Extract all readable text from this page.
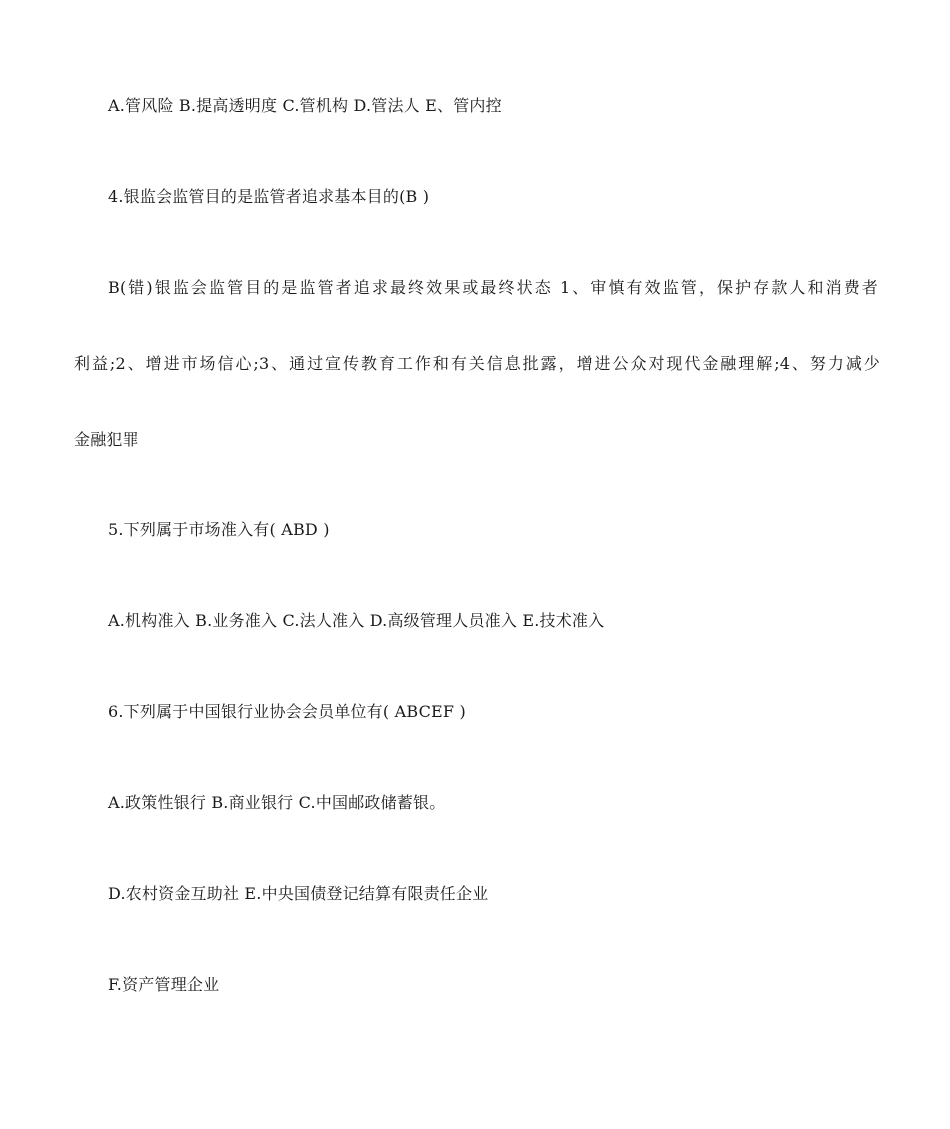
A.管风险 B.提高透明度 C.管机构 D.管法人 E、管内控
4.银监会监管目的是监管者追求基本目的(B )
B(错)银监会监管目的是监管者追求最终效果或最终状态 1、审慎有效监管，保护存款人和消费者
利益;2、增进市场信心;3、通过宣传教育工作和有关信息批露，增进公众对现代金融理解;4、努力减少
金融犯罪
5.下列属于市场准入有( ABD )
A.机构准入 B.业务准入 C.法人准入 D.高级管理人员准入 E.技术准入
6.下列属于中国银行业协会会员单位有( ABCEF )
A.政策性银行 B.商业银行 C.中国邮政储蓄银。
D.农村资金互助社 E.中央国债登记结算有限责任企业
F.资产管理企业
